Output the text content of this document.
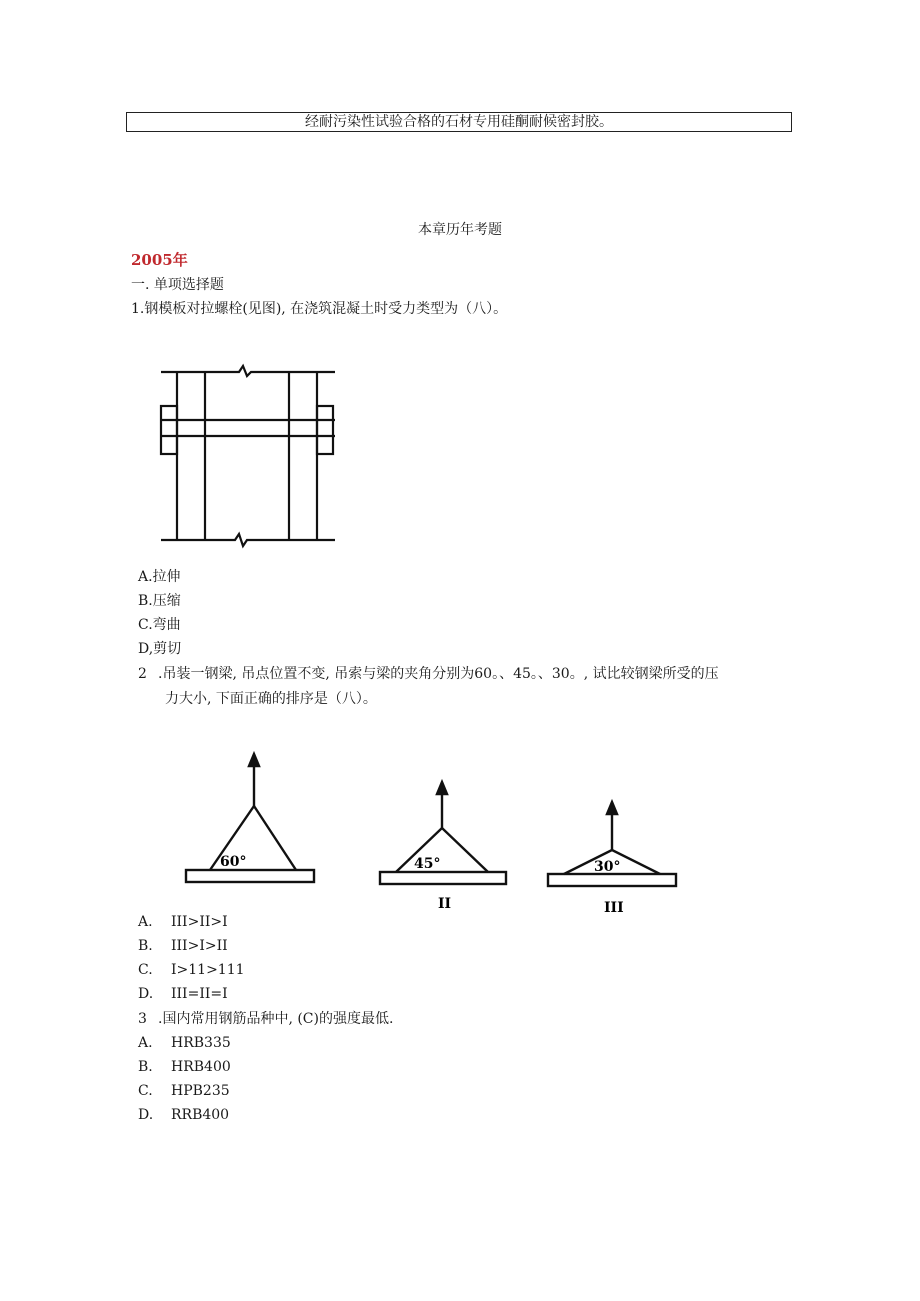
经耐污染性试验合格的石材专用硅酮耐候密封胶。
本章历年考题
2005年
一. 单项选择题
1.钢模板对拉螺栓(见图), 在浇筑混凝土时受力类型为（八）。
A.拉伸
B.压缩
C.弯曲
D,剪切
2 .吊装一钢梁, 吊点位置不变, 吊索与梁的夹角分别为60。、45。、30。, 试比较钢梁所受的压
力大小, 下面正确的排序是（八）。
60°	45°	30°
II	III
A. III>II>I
B. III>I>II
C. I>11>111
D. III=II=I
3 .国内常用钢筋品种中, (C)的强度最低.
A. HRB335
B. HRB400
C. HPB235
D. RRB400
